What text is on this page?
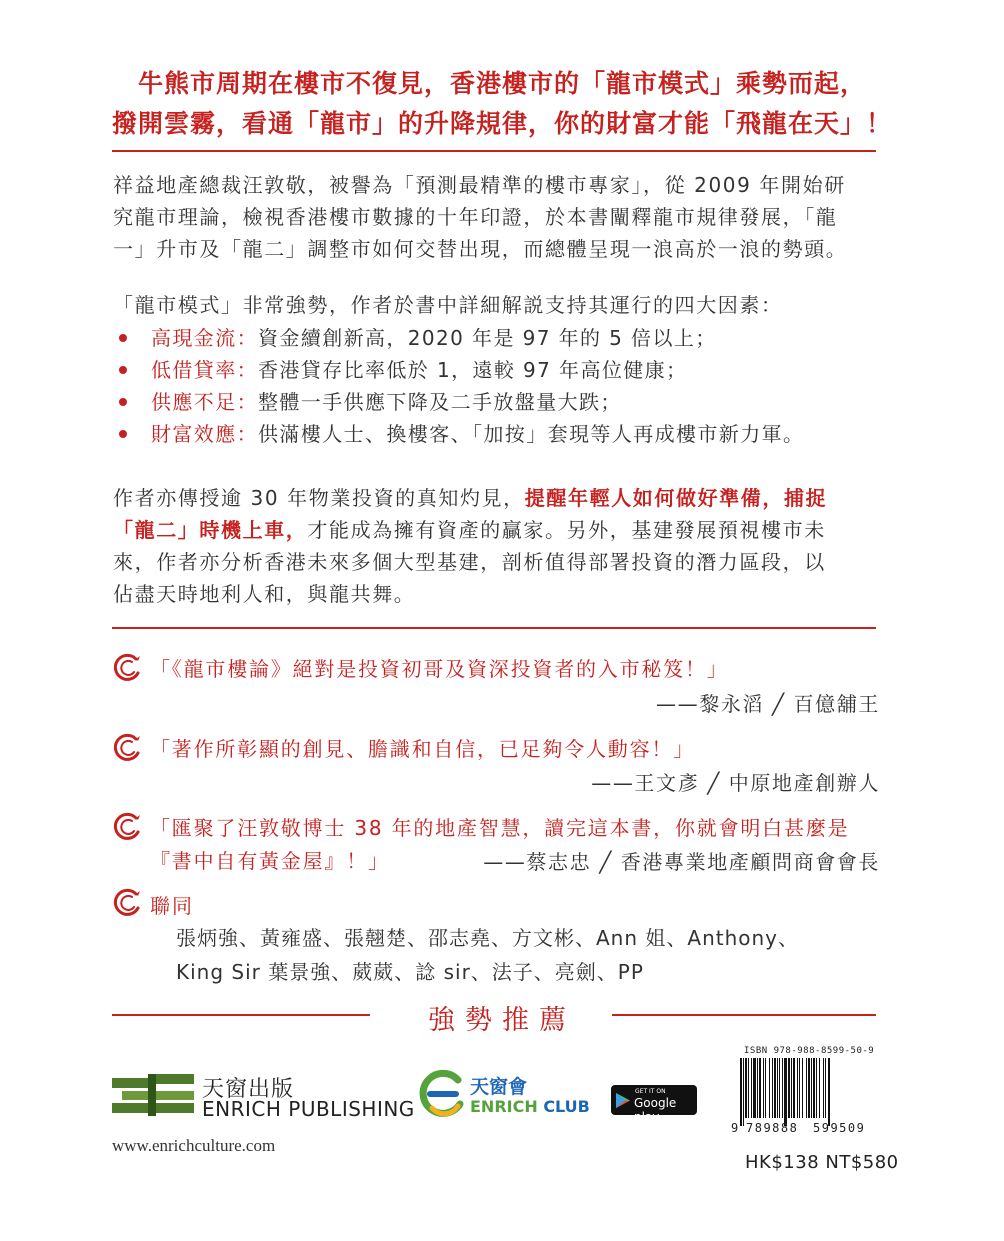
牛熊市周期在樓市不復見，香港樓市的「龍市模式」乘勢而起，
撥開雲霧，看通「龍市」的升降規律，你的財富才能「飛龍在天」！
祥益地產總裁汪敦敬，被譽為「預測最精準的樓市專家」，從 2009 年開始研
究龍市理論，檢視香港樓市數據的十年印證，於本書闡釋龍市規律發展，「龍
一」升市及「龍二」調整市如何交替出現，而總體呈現一浪高於一浪的勢頭。
「龍市模式」非常強勢，作者於書中詳細解説支持其運行的四大因素：
高現金流：資金續創新高，2020 年是 97 年的 5 倍以上；
低借貸率：香港貸存比率低於 1，遠較 97 年高位健康；
供應不足：整體一手供應下降及二手放盤量大跌；
財富效應：供滿樓人士、換樓客、「加按」套現等人再成樓市新力軍。
作者亦傳授逾 30 年物業投資的真知灼見，提醒年輕人如何做好準備，捕捉
「龍二」時機上車，才能成為擁有資產的贏家。另外，基建發展預視樓市未
來，作者亦分析香港未來多個大型基建，剖析值得部署投資的潛力區段，以
佔盡天時地利人和，與龍共舞。
「《龍市樓論》絕對是投資初哥及資深投資者的入市秘笈！」
——黎永滔 ╱ 百億舖王
「著作所彰顯的創見、膽識和自信，已足夠令人動容！」
——王文彥 ╱ 中原地產創辦人
「匯聚了汪敦敬博士 38 年的地產智慧，讀完這本書，你就會明白甚麼是
『書中自有黃金屋』！」	——蔡志忠 ╱ 香港專業地產顧問商會會長
聯同
張炳強、黃雍盛、張翹楚、邵志堯、方文彬、Ann 姐、Anthony、
King Sir 葉景強、葳葳、諗 sir、法子、亮劍、PP
強勢推薦
天窗出版
ENRICH PUBLISHING
www.enrichculture.com
天窗會
ENRICH CLUB
GET IT ON
Google play
ISBN 978-988-8599-50-9
9 789888 599509
HK$138 NT$580
